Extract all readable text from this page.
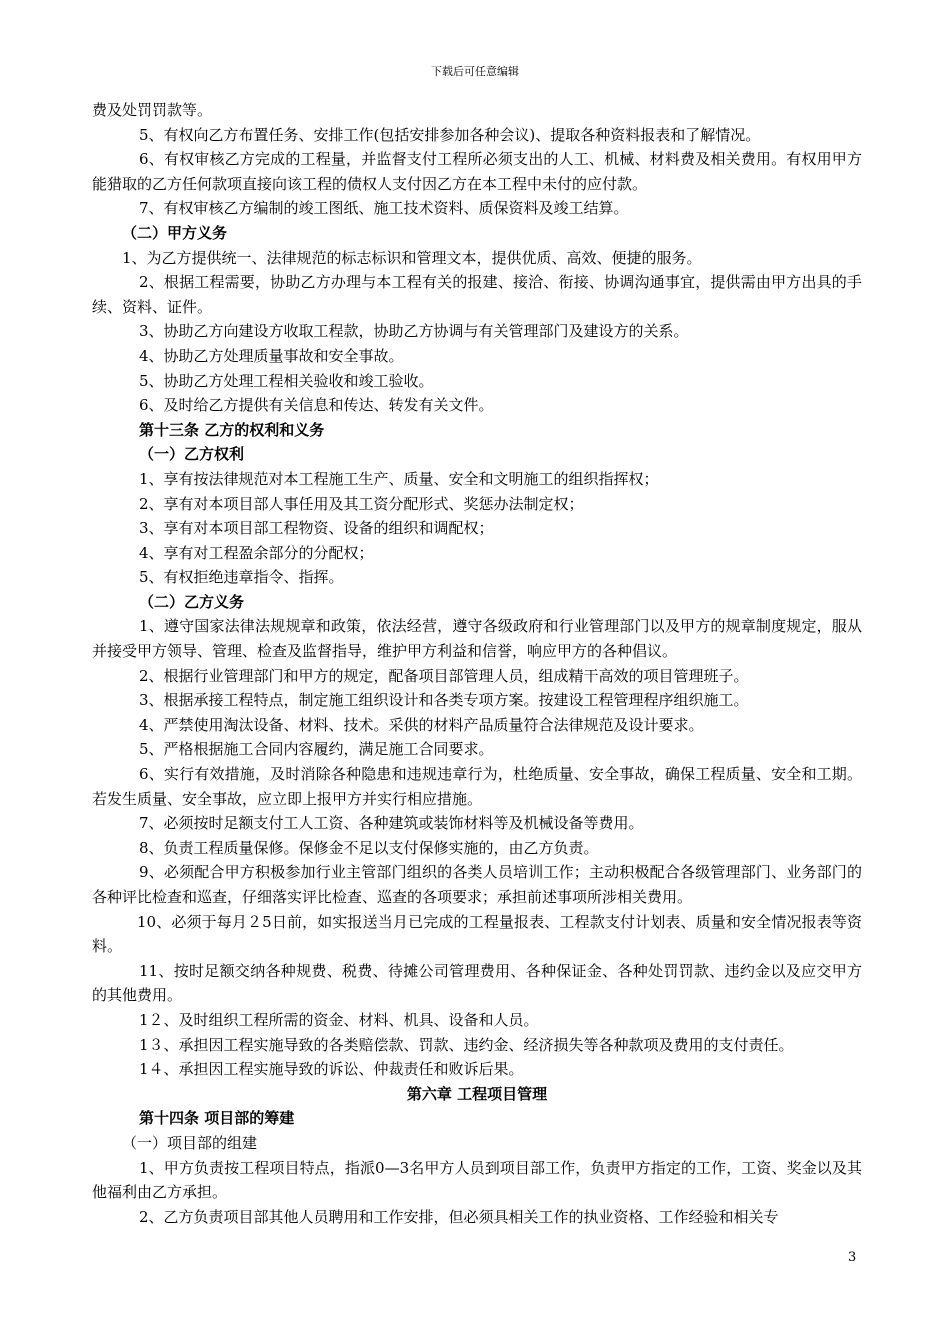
下载后可任意编辑

费及处罚罚款等。

5、有权向乙方布置任务、安排工作(包括安排参加各种会议)、提取各种资料报表和了解情况。

6、有权审核乙方完成的工程量，并监督支付工程所必须支出的人工、机械、材料费及相关费用。有权用甲方能猎取的乙方任何款项直接向该工程的债权人支付因乙方在本工程中未付的应付款。

7、有权审核乙方编制的竣工图纸、施工技术资料、质保资料及竣工结算。

（二）甲方义务

1、为乙方提供统一、法律规范的标志标识和管理文本，提供优质、高效、便捷的服务。

2、根据工程需要，协助乙方办理与本工程有关的报建、接洽、衔接、协调沟通事宜，提供需由甲方出具的手续、资料、证件。

3、协助乙方向建设方收取工程款，协助乙方协调与有关管理部门及建设方的关系。

4、协助乙方处理质量事故和安全事故。

5、协助乙方处理工程相关验收和竣工验收。

6、及时给乙方提供有关信息和传达、转发有关文件。

第十三条 乙方的权利和义务

（一）乙方权利

1、享有按法律规范对本工程施工生产、质量、安全和文明施工的组织指挥权；

2、享有对本项目部人事任用及其工资分配形式、奖惩办法制定权；

3、享有对本项目部工程物资、设备的组织和调配权；

4、享有对工程盈余部分的分配权；

5、有权拒绝违章指令、指挥。

（二）乙方义务

1、遵守国家法律法规规章和政策，依法经营，遵守各级政府和行业管理部门以及甲方的规章制度规定，服从并接受甲方领导、管理、检查及监督指导，维护甲方利益和信誉，响应甲方的各种倡议。

2、根据行业管理部门和甲方的规定，配备项目部管理人员，组成精干高效的项目管理班子。

3、根据承接工程特点，制定施工组织设计和各类专项方案。按建设工程管理程序组织施工。

4、严禁使用淘汰设备、材料、技术。采供的材料产品质量符合法律规范及设计要求。

5、严格根据施工合同内容履约，满足施工合同要求。

6、实行有效措施，及时消除各种隐患和违规违章行为，杜绝质量、安全事故，确保工程质量、安全和工期。若发生质量、安全事故，应立即上报甲方并实行相应措施。

7、必须按时足额支付工人工资、各种建筑或装饰材料等及机械设备等费用。

8、负责工程质量保修。保修金不足以支付保修实施的，由乙方负责。

9、必须配合甲方积极参加行业主管部门组织的各类人员培训工作；主动积极配合各级管理部门、业务部门的各种评比检查和巡查，仔细落实评比检查、巡查的各项要求；承担前述事项所涉相关费用。

10、必须于每月２5日前，如实报送当月已完成的工程量报表、工程款支付计划表、质量和安全情况报表等资料。

11、按时足额交纳各种规费、税费、待摊公司管理费用、各种保证金、各种处罚罚款、违约金以及应交甲方的其他费用。

1２、及时组织工程所需的资金、材料、机具、设备和人员。

1３、承担因工程实施导致的各类赔偿款、罚款、违约金、经济损失等各种款项及费用的支付责任。

1４、承担因工程实施导致的诉讼、仲裁责任和败诉后果。

第六章 工程项目管理

第十四条 项目部的筹建

（一）项目部的组建

1、甲方负责按工程项目特点，指派0—3名甲方人员到项目部工作，负责甲方指定的工作，工资、奖金以及其他福利由乙方承担。

2、乙方负责项目部其他人员聘用和工作安排，但必须具相关工作的执业资格、工作经验和相关专

3
